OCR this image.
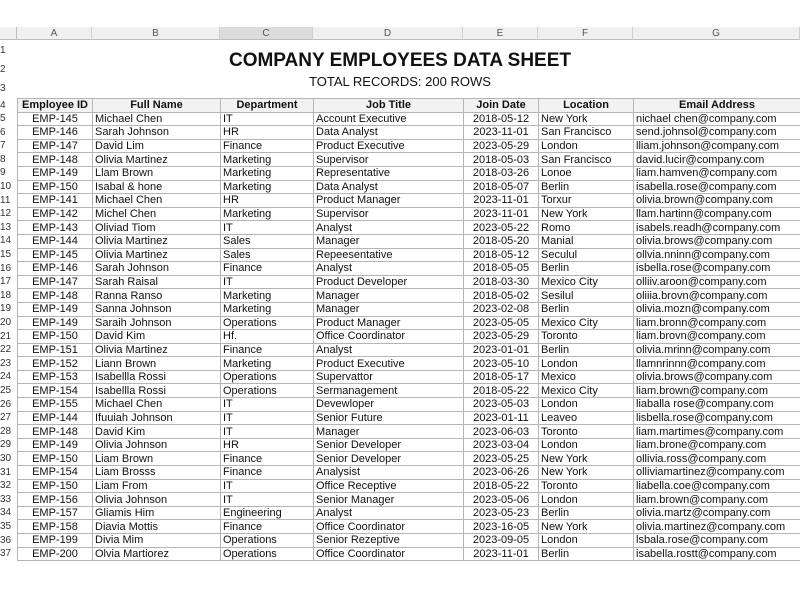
A	B	C	D	E	F	G
1
2
3
4
5
6
7
8
9
10
11
12
13
14
15
16
17
18
19
20
21
22
23
24
25
26
27
28
29
30
31
32
33
34
35
36
37
COMPANY EMPLOYEES DATA SHEET
TOTAL RECORDS: 200 ROWS
Employee ID	Full Name	Department	Job Title	Join Date	Location	Email Address
EMP-145	Michael Chen	IT	Account Executive	2018-05-12	New York	nichael chen@company.com
EMP-146	Sarah Johnson	HR	Data Analyst	2023-11-01	San Francisco	send.johnsol@company.com
EMP-147	David Lim	Finance	Product Executive	2023-05-29	London	lliam.johnson@company.com
EMP-148	Olivia Martinez	Marketing	Supervisor	2018-05-03	San Francisco	david.lucir@company.com
EMP-149	Llam Brown	Marketing	Representative	2018-03-26	Lonoe	liam.hamven@company.com
EMP-150	Isabal & hone	Marketing	Data Analyst	2018-05-07	Berlin	isabella.rose@company.com
EMP-141	Michael Chen	HR	Product Manager	2023-11-01	Torxur	olivia.brown@company.com
EMP-142	Michel Chen	Marketing	Supervisor	2023-11-01	New York	llam.hartinn@company.com
EMP-143	Oliviad Tiom	IT	Analyst	2023-05-22	Romo	isabels.readh@company.com
EMP-144	Olivia Martinez	Sales	Manager	2018-05-20	Manial	olivia.brows@company.com
EMP-145	Olivia Martinez	Sales	Repeesentative	2018-05-12	Seculul	ollvia.nninn@company.com
EMP-146	Sarah Johnson	Finance	Analyst	2018-05-05	Berlin	isbella.rose@company.com
EMP-147	Sarah Raisal	IT	Product Developer	2018-03-30	Mexico City	olliiv.aroon@company.com
EMP-148	Ranna Ranso	Marketing	Manager	2018-05-02	Sesilul	oliiia.brovn@company.com
EMP-149	Sanna Johnson	Marketing	Manager	2023-02-08	Berlin	olivia.mozn@company.com
EMP-149	Saraih Johnson	Operations	Product Manager	2023-05-05	Mexico City	liam.bronn@company.com
EMP-150	David Kim	Hf.	Office Coordinator	2023-05-29	Toronto	liam.brovn@company.com
EMP-151	Olivia Martinez	Finance	Analyst	2023-01-01	Berlin	olivia.mrinn@company.com
EMP-152	Liann Brown	Marketing	Product Executive	2023-05-10	London	llamnrinnn@company.com
EMP-153	Isabellla Rossi	Operations	Supervattor	2018-05-17	Mexico	olivia.brows@company.com
EMP-154	Isabellla Rossi	Operations	Sermanagement	2018-05-22	Mexico City	liam.brown@company.com
EMP-155	Michael Chen	IT	Devewloper	2023-05-03	London	liaballa rose@company.com
EMP-144	Ifuuiah Johnson	IT	Senior Future	2023-01-11	Leaveo	lisbella.rose@company.com
EMP-148	David Kim	IT	Manager	2023-06-03	Toronto	liam.martimes@company.com
EMP-149	Olivia Johnson	HR	Senior Developer	2023-03-04	London	liam.brone@company.com
EMP-150	Liam Brown	Finance	Senior Developer	2023-05-25	New York	ollivia.ross@company.com
EMP-154	Liam Brosss	Finance	Analysist	2023-06-26	New York	olliviamartinez@company.com
EMP-150	Liam From	IT	Office Receptive	2018-05-22	Toronto	liabella.coe@company.com
EMP-156	Olivia Johnson	IT	Senior Manager	2023-05-06	London	liam.brown@company.com
EMP-157	Gliamis Him	Engineering	Analyst	2023-05-23	Berlin	olivia.martz@company.com
EMP-158	Diavia Mottis	Finance	Office Coordinator	2023-16-05	New York	olivia.martinez@company.com
EMP-199	Divia Mim	Operations	Senior Rezeptive	2023-09-05	London	lsbala.rose@company.com
EMP-200	Olvia Martiorez	Operations	Office Coordinator	2023-11-01	Berlin	isabella.rostt@company.com
